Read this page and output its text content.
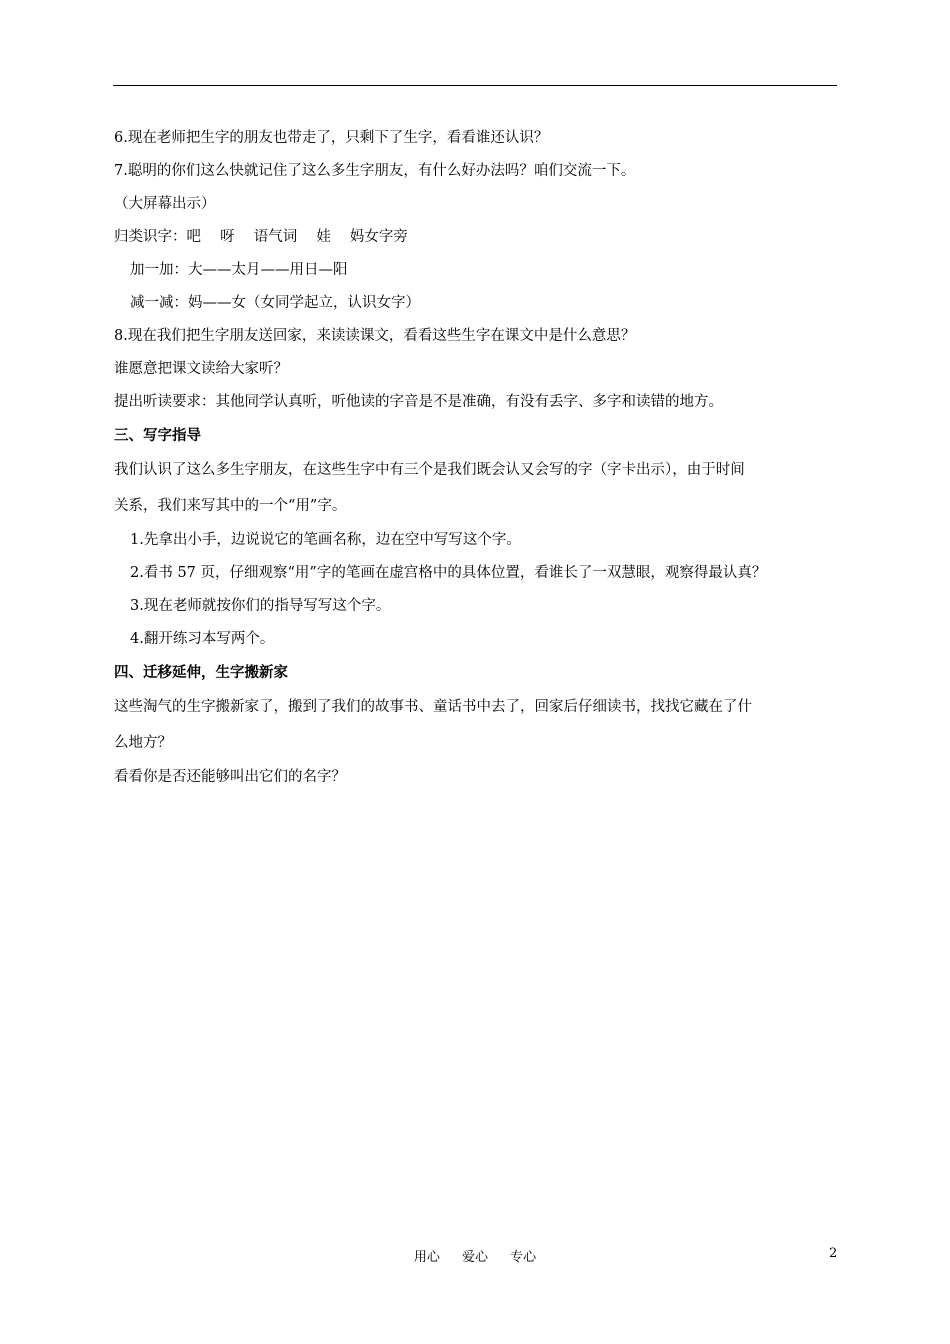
6.现在老师把生字的朋友也带走了，只剩下了生字，看看谁还认识？
7.聪明的你们这么快就记住了这么多生字朋友，有什么好办法吗？咱们交流一下。
（大屏幕出示）
归类识字：吧　 呀　 语气词　 娃　 妈女字旁
加一加：大——太月——用日—阳
减一减：妈——女（女同学起立，认识女字）
8.现在我们把生字朋友送回家，来读读课文，看看这些生字在课文中是什么意思？
谁愿意把课文读给大家听？
提出听读要求：其他同学认真听，听他读的字音是不是准确，有没有丢字、多字和读错的地方。
三、写字指导
我们认识了这么多生字朋友，在这些生字中有三个是我们既会认又会写的字（字卡出示），由于时间
关系，我们来写其中的一个“用”字。
1.先拿出小手，边说说它的笔画名称，边在空中写写这个字。
2.看书 57 页，仔细观察“用”字的笔画在虚宫格中的具体位置，看谁长了一双慧眼，观察得最认真？
3.现在老师就按你们的指导写写这个字。
4.翻开练习本写两个。
四、迁移延伸，生字搬新家
这些淘气的生字搬新家了，搬到了我们的故事书、童话书中去了，回家后仔细读书，找找它藏在了什
么地方？
看看你是否还能够叫出它们的名字？
用心 爱心 专心	2
